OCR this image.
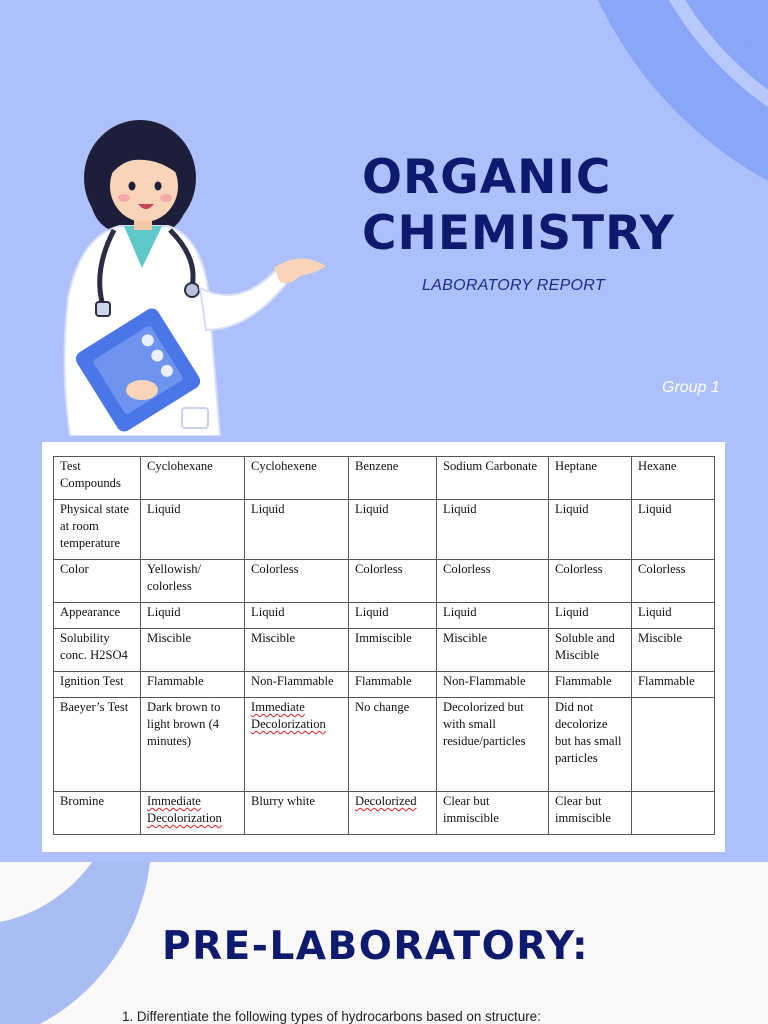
ORGANIC
CHEMISTRY
LABORATORY REPORT
Group 1
Test Compounds	Cyclohexane	Cyclohexene	Benzene	Sodium Carbonate	Heptane	Hexane
Physical state at room temperature	Liquid	Liquid	Liquid	Liquid	Liquid	Liquid
Color	Yellowish/ colorless	Colorless	Colorless	Colorless	Colorless	Colorless
Appearance	Liquid	Liquid	Liquid	Liquid	Liquid	Liquid
Solubility conc. H2SO4	Miscible	Miscible	Immiscible	Miscible	Soluble and Miscible	Miscible
Ignition Test	Flammable	Non-Flammable	Flammable	Non-Flammable	Flammable	Flammable
Baeyer’s Test	Dark brown to light brown (4 minutes)	Immediate Decolorization	No change	Decolorized but with small residue/particles	Did not decolorize but has small particles	
Bromine	Immediate Decolorization	Blurry white	Decolorized	Clear but immiscible	Clear but immiscible	
PRE-LABORATORY:
1. Differentiate the following types of hydrocarbons based on structure:
